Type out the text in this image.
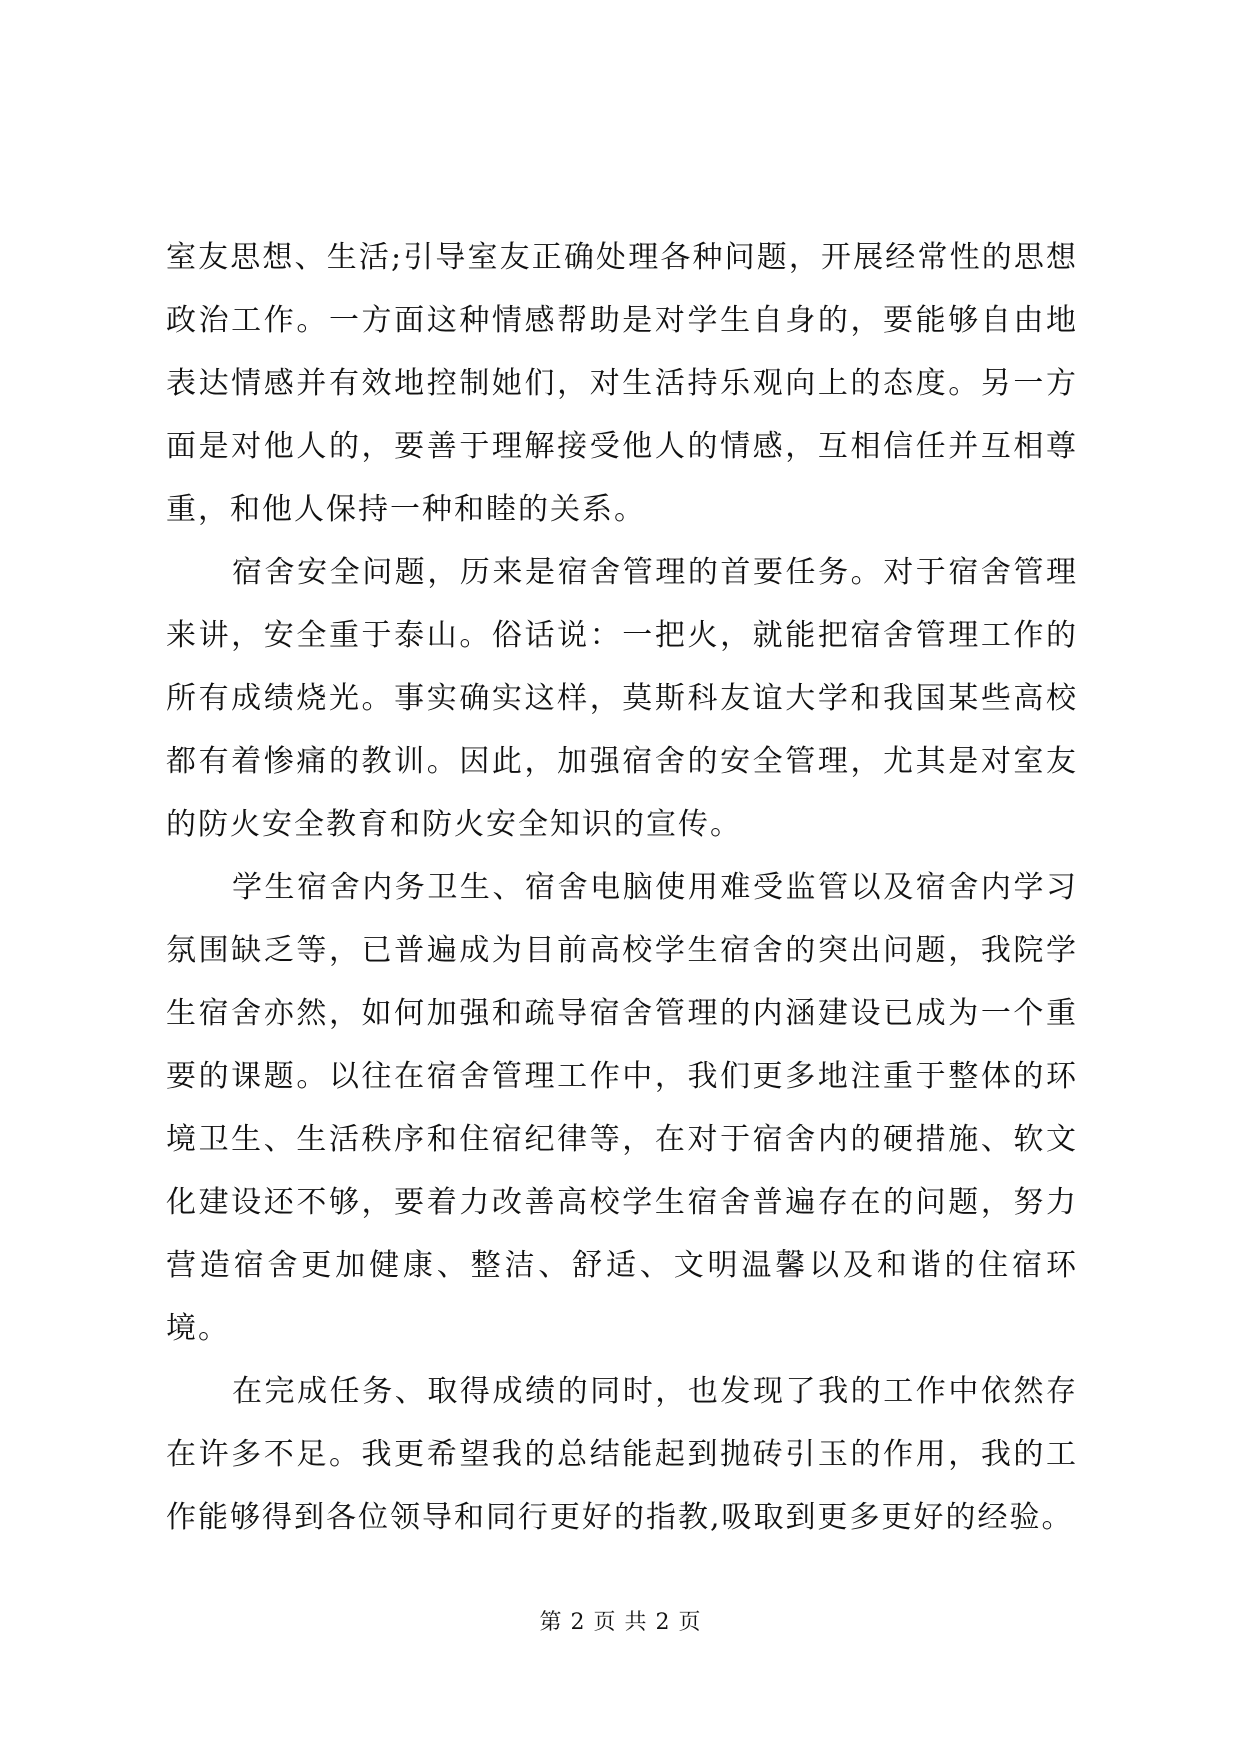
室友思想、生活;引导室友正确处理各种问题，开展经常性的思想政治工作。一方面这种情感帮助是对学生自身的，要能够自由地表达情感并有效地控制她们，对生活持乐观向上的态度。另一方面是对他人的，要善于理解接受他人的情感，互相信任并互相尊重，和他人保持一种和睦的关系。

宿舍安全问题，历来是宿舍管理的首要任务。对于宿舍管理来讲，安全重于泰山。俗话说：一把火，就能把宿舍管理工作的所有成绩烧光。事实确实这样，莫斯科友谊大学和我国某些高校都有着惨痛的教训。因此，加强宿舍的安全管理，尤其是对室友的防火安全教育和防火安全知识的宣传。

学生宿舍内务卫生、宿舍电脑使用难受监管以及宿舍内学习氛围缺乏等，已普遍成为目前高校学生宿舍的突出问题，我院学生宿舍亦然，如何加强和疏导宿舍管理的内涵建设已成为一个重要的课题。以往在宿舍管理工作中，我们更多地注重于整体的环境卫生、生活秩序和住宿纪律等，在对于宿舍内的硬措施、软文化建设还不够，要着力改善高校学生宿舍普遍存在的问题，努力营造宿舍更加健康、整洁、舒适、文明温馨以及和谐的住宿环境。

在完成任务、取得成绩的同时，也发现了我的工作中依然存在许多不足。我更希望我的总结能起到抛砖引玉的作用，我的工作能够得到各位领导和同行更好的指教,吸取到更多更好的经验。

第 2 页 共 2 页
